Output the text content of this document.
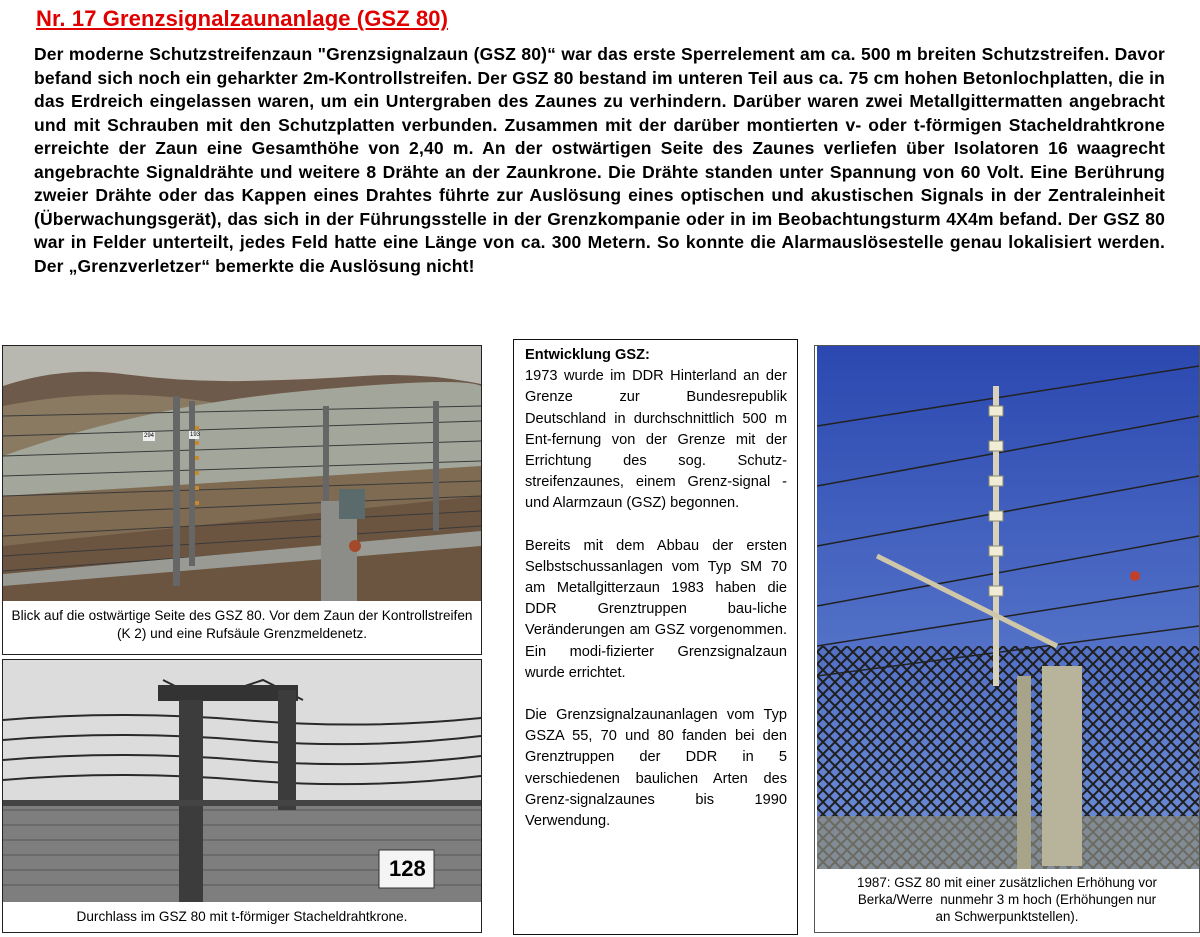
Nr. 17 Grenzsignalzaunanlage (GSZ 80)
Der moderne Schutzstreifenzaun "Grenzsignalzaun (GSZ 80)“ war das erste Sperrelement am ca. 500 m breiten Schutzstreifen. Davor befand sich noch ein geharkter 2m-Kontrollstreifen. Der GSZ 80 bestand im unteren Teil aus ca. 75 cm hohen Betonlochplatten, die in das Erdreich eingelassen waren, um ein Untergraben des Zaunes zu verhindern. Darüber waren zwei Metallgittermatten angebracht und mit Schrauben mit den Schutzplatten verbunden. Zusammen mit der darüber montierten v- oder t-förmigen Stacheldrahtkrone erreichte der Zaun eine Gesamthöhe von 2,40 m. An der ostwärtigen Seite des Zaunes verliefen über Isolatoren 16 waagrecht angebrachte Signaldrähte und weitere 8 Drähte an der Zaunkrone. Die Drähte standen unter Spannung von 60 Volt. Eine Berührung zweier Drähte oder das Kappen eines Drahtes führte zur Auslösung eines optischen und akustischen Signals in der Zentraleinheit (Überwachungsgerät), das sich in der Führungsstelle in der Grenzkompanie oder in im Beobachtungsturm 4X4m befand. Der GSZ 80 war in Felder unterteilt, jedes Feld hatte eine Länge von ca. 300 Metern. So konnte die Alarmauslösestelle genau lokalisiert werden. Der „Grenzverletzer“ bemerkte die Auslösung nicht!
294	193
Blick auf die ostwärtige Seite des GSZ 80. Vor dem Zaun der Kontrollstreifen (K 2) und eine Rufsäule Grenzmeldenetz.
128
Durchlass im GSZ 80 mit t-förmiger Stacheldrahtkrone.
Entwicklung GSZ:

1973 wurde im DDR Hinterland an der Grenze zur Bundesrepublik Deutschland in durchschnittlich 500 m Ent-fernung von der Grenze mit der Errichtung des sog. Schutz-streifenzaunes, einem Grenz-signal - und Alarmzaun (GSZ) begonnen.

Bereits mit dem Abbau der ersten Selbstschussanlagen vom Typ SM 70 am Metallgitterzaun 1983 haben die DDR Grenztruppen bau-liche Veränderungen am GSZ vorgenommen. Ein modi-fizierter Grenzsignalzaun wurde errichtet.

Die Grenzsignalzaunanlagen vom Typ GSZA 55, 70 und 80 fanden bei den Grenztruppen der DDR in 5 verschiedenen baulichen Arten des Grenz-signalzaunes bis 1990 Verwendung.

1987: GSZ 80 mit einer zusätzlichen Erhöhung vor
Berka/Werre  nunmehr 3 m hoch (Erhöhungen nur
an Schwerpunktstellen).
